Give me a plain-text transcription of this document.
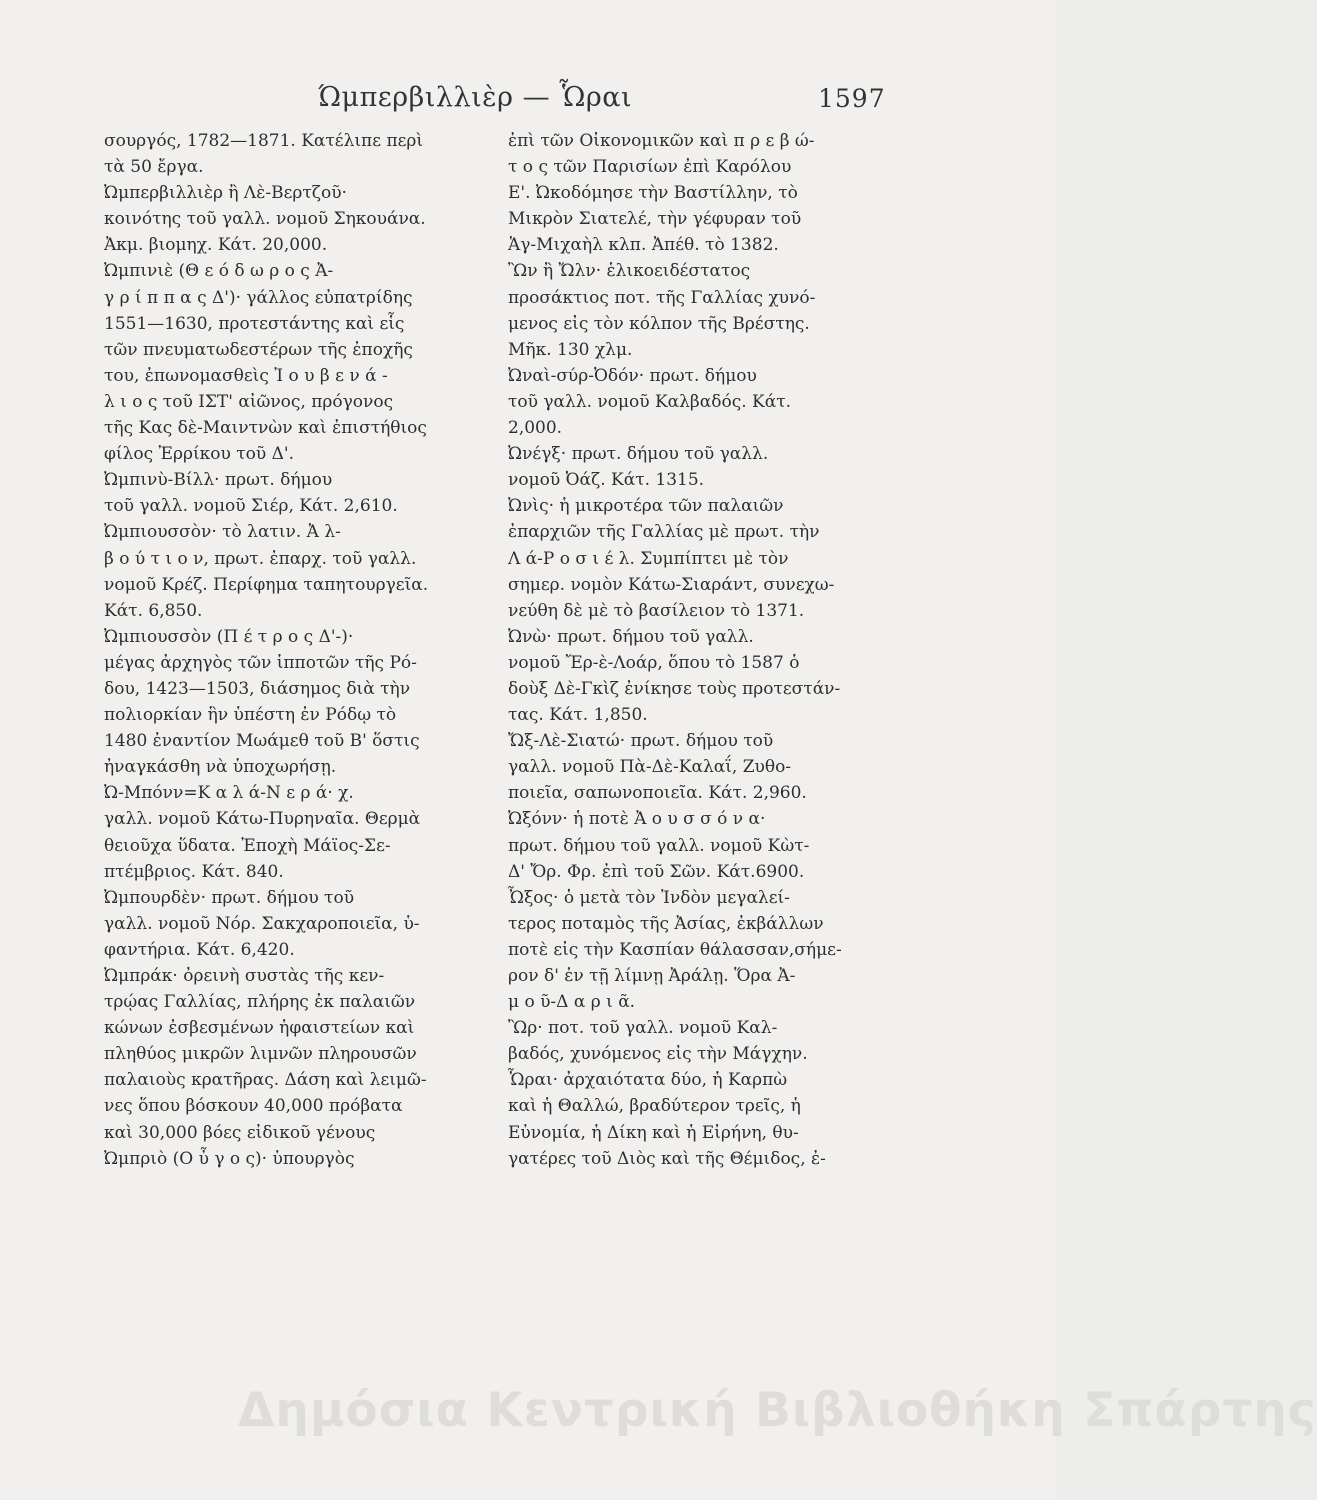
Ώμπερβιλλιὲρ — Ὧραι	1597
σουργός, 1782—1871. Κατέλιπε περὶ
τὰ 50 ἔργα.
Ὠμπερβιλλιὲρ ἢ Λὲ-Βερτζοῦ·
κοινότης τοῦ γαλλ. νομοῦ Σηκουάνα.
Ἀκμ. βιομηχ. Κάτ. 20,000.
Ὠμπινιὲ (Θ ε ό δ ω ρ ο ς Ἀ-
γ ρ ί π π α ς Δ')· γάλλος εὐπατρίδης
1551—1630, προτεστάντης καὶ εἷς
τῶν πνευματωδεστέρων τῆς ἐποχῆς
του, ἐπωνομασθεὶς Ἰ ο υ β ε ν ά -
λ ι ο ς τοῦ ΙΣΤ' αἰῶνος, πρόγονος
τῆς Κας δὲ-Μαιντνὼν καὶ ἐπιστήθιος
φίλος Ἐρρίκου τοῦ Δ'.
Ὠμπινὺ-Βίλλ· πρωτ. δήμου
τοῦ γαλλ. νομοῦ Σιέρ, Κάτ. 2,610.
Ὠμπιουσσὸν· τὸ λατιν. Ἀ λ-
β ο ύ τ ι ο ν, πρωτ. ἐπαρχ. τοῦ γαλλ.
νομοῦ Κρέζ. Περίφημα ταπητουργεῖα.
Κάτ. 6,850.
Ὠμπιουσσὸν (Π έ τ ρ ο ς Δ'-)·
μέγας ἀρχηγὸς τῶν ἱπποτῶν τῆς Ρό-
δου, 1423—1503, διάσημος διὰ τὴν
πολιορκίαν ἣν ὑπέστη ἐν Ρόδῳ τὸ
1480 ἐναντίον Μωάμεθ τοῦ Β' ὅστις
ἠναγκάσθη νὰ ὑποχωρήσῃ.
Ὠ-Μπόνν=Κ α λ ά-Ν ε ρ ά· χ.
γαλλ. νομοῦ Κάτω-Πυρηναῖα. Θερμὰ
θειοῦχα ὕδατα. Ἐποχὴ Μάϊος-Σε-
πτέμβριος. Κάτ. 840.
Ὠμπουρδὲν· πρωτ. δήμου τοῦ
γαλλ. νομοῦ Νόρ. Σακχαροποιεῖα, ὑ-
φαντήρια. Κάτ. 6,420.
Ὠμπράκ· ὀρεινὴ συστὰς τῆς κεν-
τρῴας Γαλλίας, πλήρης ἐκ παλαιῶν
κώνων ἐσβεσμένων ἡφαιστείων καὶ
πληθύος μικρῶν λιμνῶν πληρουσῶν
παλαιοὺς κρατῆρας. Δάση καὶ λειμῶ-
νες ὅπου βόσκουν 40,000 πρόβατα
καὶ 30,000 βόες εἰδικοῦ γένους
Ὠμπριὸ (Ο ὖ γ ο ς)· ὑπουργὸς
ἐπὶ τῶν Οἰκονομικῶν καὶ π ρ ε β ώ-
τ ο ς τῶν Παρισίων ἐπὶ Καρόλου
Ε'. Ὠκοδόμησε τὴν Βαστίλλην, τὸ
Μικρὸν Σιατελέ, τὴν γέφυραν τοῦ
Ἁγ-Μιχαὴλ κλπ. Ἀπέθ. τὸ 1382.
Ὢν ἢ Ὤλν· ἑλικοειδέστατος
προσάκτιος ποτ. τῆς Γαλλίας χυνό-
μενος εἰς τὸν κόλπον τῆς Βρέστης.
Μῆκ. 130 χλμ.
Ὠναὶ-σύρ-Ὀδόν· πρωτ. δήμου
τοῦ γαλλ. νομοῦ Καλβαδός. Κάτ.
2,000.
Ὠνέγξ· πρωτ. δήμου τοῦ γαλλ.
νομοῦ Ὀάζ. Κάτ. 1315.
Ὠνὶς· ἡ μικροτέρα τῶν παλαιῶν
ἐπαρχιῶν τῆς Γαλλίας μὲ πρωτ. τὴν
Λ ά-Ρ ο σ ι έ λ. Συμπίπτει μὲ τὸν
σημερ. νομὸν Κάτω-Σιαράντ, συνεχω-
νεύθη δὲ μὲ τὸ βασίλειον τὸ 1371.
Ὠνὼ· πρωτ. δήμου τοῦ γαλλ.
νομοῦ Ἔρ-ὲ-Λοάρ, ὅπου τὸ 1587 ὁ
δοὺξ Δὲ-Γκὶζ ἐνίκησε τοὺς προτεστάν-
τας. Κάτ. 1,850.
Ὤξ-Λὲ-Σιατώ· πρωτ. δήμου τοῦ
γαλλ. νομοῦ Πὰ-Δὲ-Καλαΐ, Ζυθο-
ποιεῖα, σαπωνοποιεῖα. Κάτ. 2,960.
Ὠξόνν· ἡ ποτὲ Ἀ ο υ σ σ ό ν α·
πρωτ. δήμου τοῦ γαλλ. νομοῦ Κὼτ-
Δ' Ὄρ. Φρ. ἐπὶ τοῦ Σῶν. Κάτ.6900.
Ὦξος· ὁ μετὰ τὸν Ἰνδὸν μεγαλεί-
τερος ποταμὸς τῆς Ἀσίας, ἐκβάλλων
ποτὲ εἰς τὴν Κασπίαν θάλασσαν,σήμε-
ρον δ' ἐν τῇ λίμνῃ Ἀράλῃ. Ὅρα Ἀ-
μ ο ῦ-Δ α ρ ι ᾶ.
Ὢρ· ποτ. τοῦ γαλλ. νομοῦ Καλ-
βαδός, χυνόμενος εἰς τὴν Μάγχην.
Ὧραι· ἀρχαιότατα δύο, ἡ Καρπὼ
καὶ ἡ Θαλλώ, βραδύτερον τρεῖς, ἡ
Εὐνομία, ἡ Δίκη καὶ ἡ Εἰρήνη, θυ-
γατέρες τοῦ Διὸς καὶ τῆς Θέμιδος, ἐ-
Δημόσια Κεντρική Βιβλιοθήκη Σπάρτης
